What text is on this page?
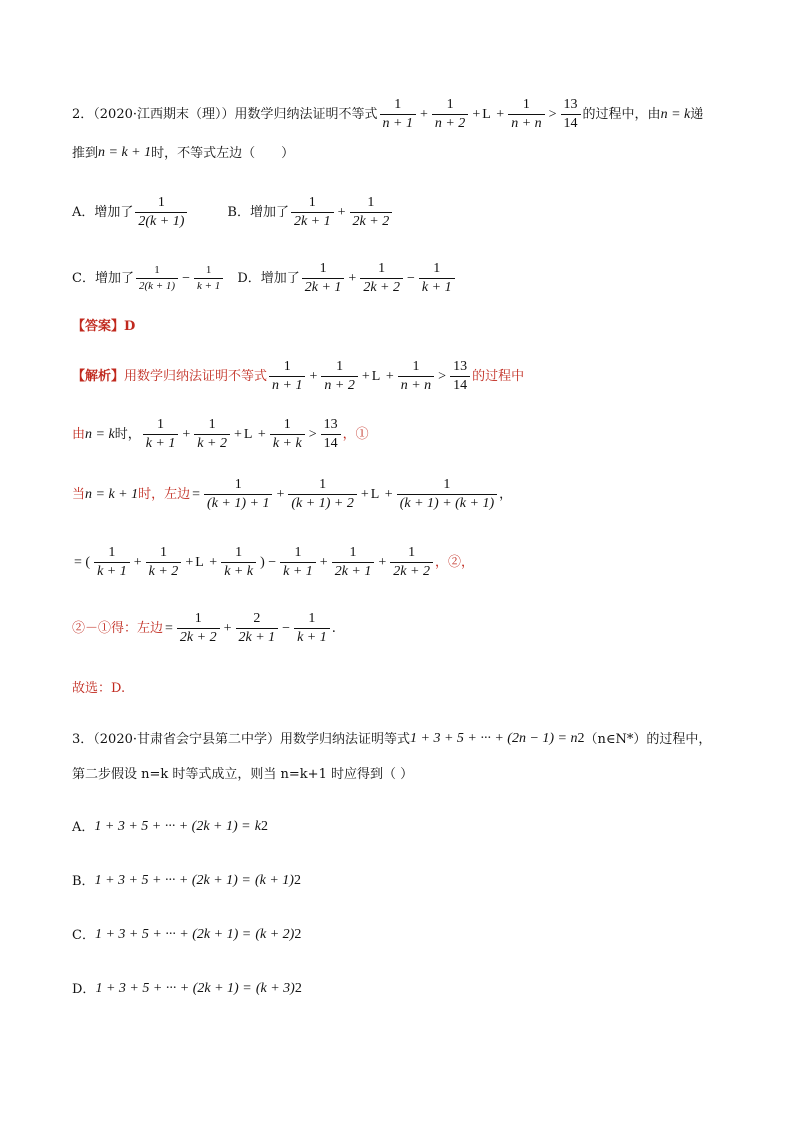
2．（2020·江西期末（理））用数学归纳法证明不等式 $\frac{1}{n + 1} + \frac{1}{n + 2} + L + \frac{1}{n + n} > \frac{13}{14}$ 的过程中，由 n = k 递
推到 n = k + 1 时，不等式左边（　　）
A．增加了 $\frac{1}{2(k + 1)}$	B．增加了 $\frac{1}{2k + 1} + \frac{1}{2k + 2}$
C．增加了 $\frac{1}{2(k + 1)} - \frac{1}{k + 1}$ D．增加了 $\frac{1}{2k + 1} + \frac{1}{2k + 2} - \frac{1}{k + 1}$
【答案】D
【解析】 用数学归纳法证明不等式 $\frac{1}{n + 1} + \frac{1}{n + 2} + L + \frac{1}{n + n} > \frac{13}{14}$ 的过程中
由 n = k 时， $\frac{1}{k + 1} + \frac{1}{k + 2} + L + \frac{1}{k + k} > \frac{13}{14}$ ，①
当 n = k + 1 时，左边 = $\frac{1}{(k + 1) + 1} + \frac{1}{(k + 1) + 2} + L + \frac{1}{(k + 1) + (k + 1)}$ ，
= ( $\frac{1}{k + 1} + \frac{1}{k + 2} + L + \frac{1}{k + k}$ ) − $\frac{1}{k + 1} + \frac{1}{2k + 1} + \frac{1}{2k + 2}$ ，②，
②－①得：左边 = $\frac{1}{2k + 2} + \frac{2}{2k + 1} - \frac{1}{k + 1}$ .
故选：D.
3．（2020·甘肃省会宁县第二中学）用数学归纳法证明等式 1 + 3 + 5 + ··· + (2n − 1) = n 2 （n∈N*）的过程中，
第二步假设 n=k 时等式成立，则当 n=k+1 时应得到（ ）
A． 1 + 3 + 5 + ··· + (2k + 1) =
k 2
B． 1 + 3 + 5 + ··· + (2k + 1) =
(k + 1) 2
C． 1 + 3 + 5 + ··· + (2k + 1) =
(k + 2) 2
D． 1 + 3 + 5 + ··· + (2k + 1) =
(k + 3) 2
